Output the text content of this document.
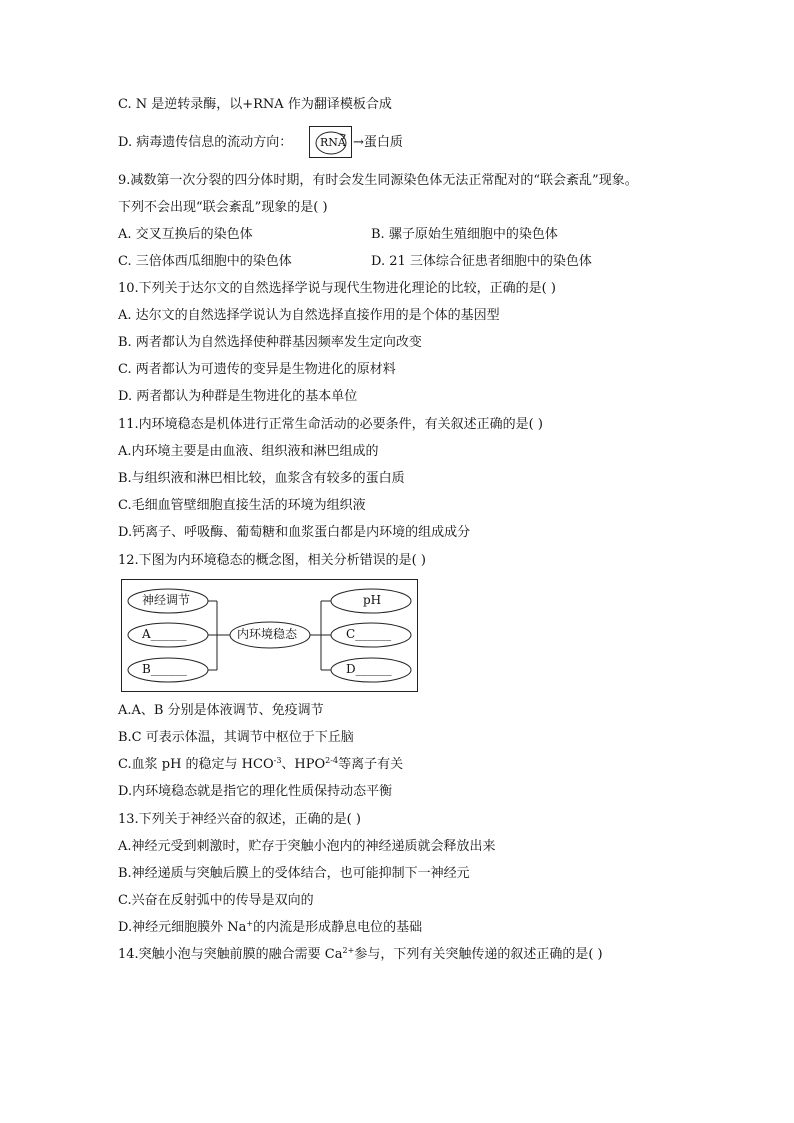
C. N 是逆转录酶，以+RNA 作为翻译模板合成
D. 病毒遗传信息的流动方向：	RNA →蛋白质
9.减数第一次分裂的四分体时期，有时会发生同源染色体无法正常配对的“联会紊乱”现象。
下列不会出现“联会紊乱”现象的是( )
A. 交叉互换后的染色体	B. 骡子原始生殖细胞中的染色体
C. 三倍体西瓜细胞中的染色体	D. 21 三体综合征患者细胞中的染色体
10.下列关于达尔文的自然选择学说与现代生物进化理论的比较，正确的是( )
A. 达尔文的自然选择学说认为自然选择直接作用的是个体的基因型
B. 两者都认为自然选择使种群基因频率发生定向改变
C. 两者都认为可遗传的变异是生物进化的原材料
D. 两者都认为种群是生物进化的基本单位
11.内环境稳态是机体进行正常生命活动的必要条件，有关叙述正确的是( )
A.内环境主要是由血液、组织液和淋巴组成的
B.与组织液和淋巴相比较，血浆含有较多的蛋白质
C.毛细血管壁细胞直接生活的环境为组织液
D.钙离子、呼吸酶、葡萄糖和血浆蛋白都是内环境的组成成分
12.下图为内环境稳态的概念图，相关分析错误的是( )
神经调节
A______
B______
内环境稳态
pH
C______
D______
A.A、B 分别是体液调节、免疫调节
B.C 可表示体温，其调节中枢位于下丘脑
C.血浆 pH 的稳定与 $HCO^{-3}$、HPO$^{2-4}$等离子有关
D.内环境稳态就是指它的理化性质保持动态平衡
13.下列关于神经兴奋的叙述，正确的是( )
A.神经元受到刺激时，贮存于突触小泡内的神经递质就会释放出来
B.神经递质与突触后膜上的受体结合，也可能抑制下一神经元
C.兴奋在反射弧中的传导是双向的
D.神经元细胞膜外 Na+的内流是形成静息电位的基础
14.突触小泡与突触前膜的融合需要 $Ca^{2+}$参与，下列有关突触传递的叙述正确的是( )
